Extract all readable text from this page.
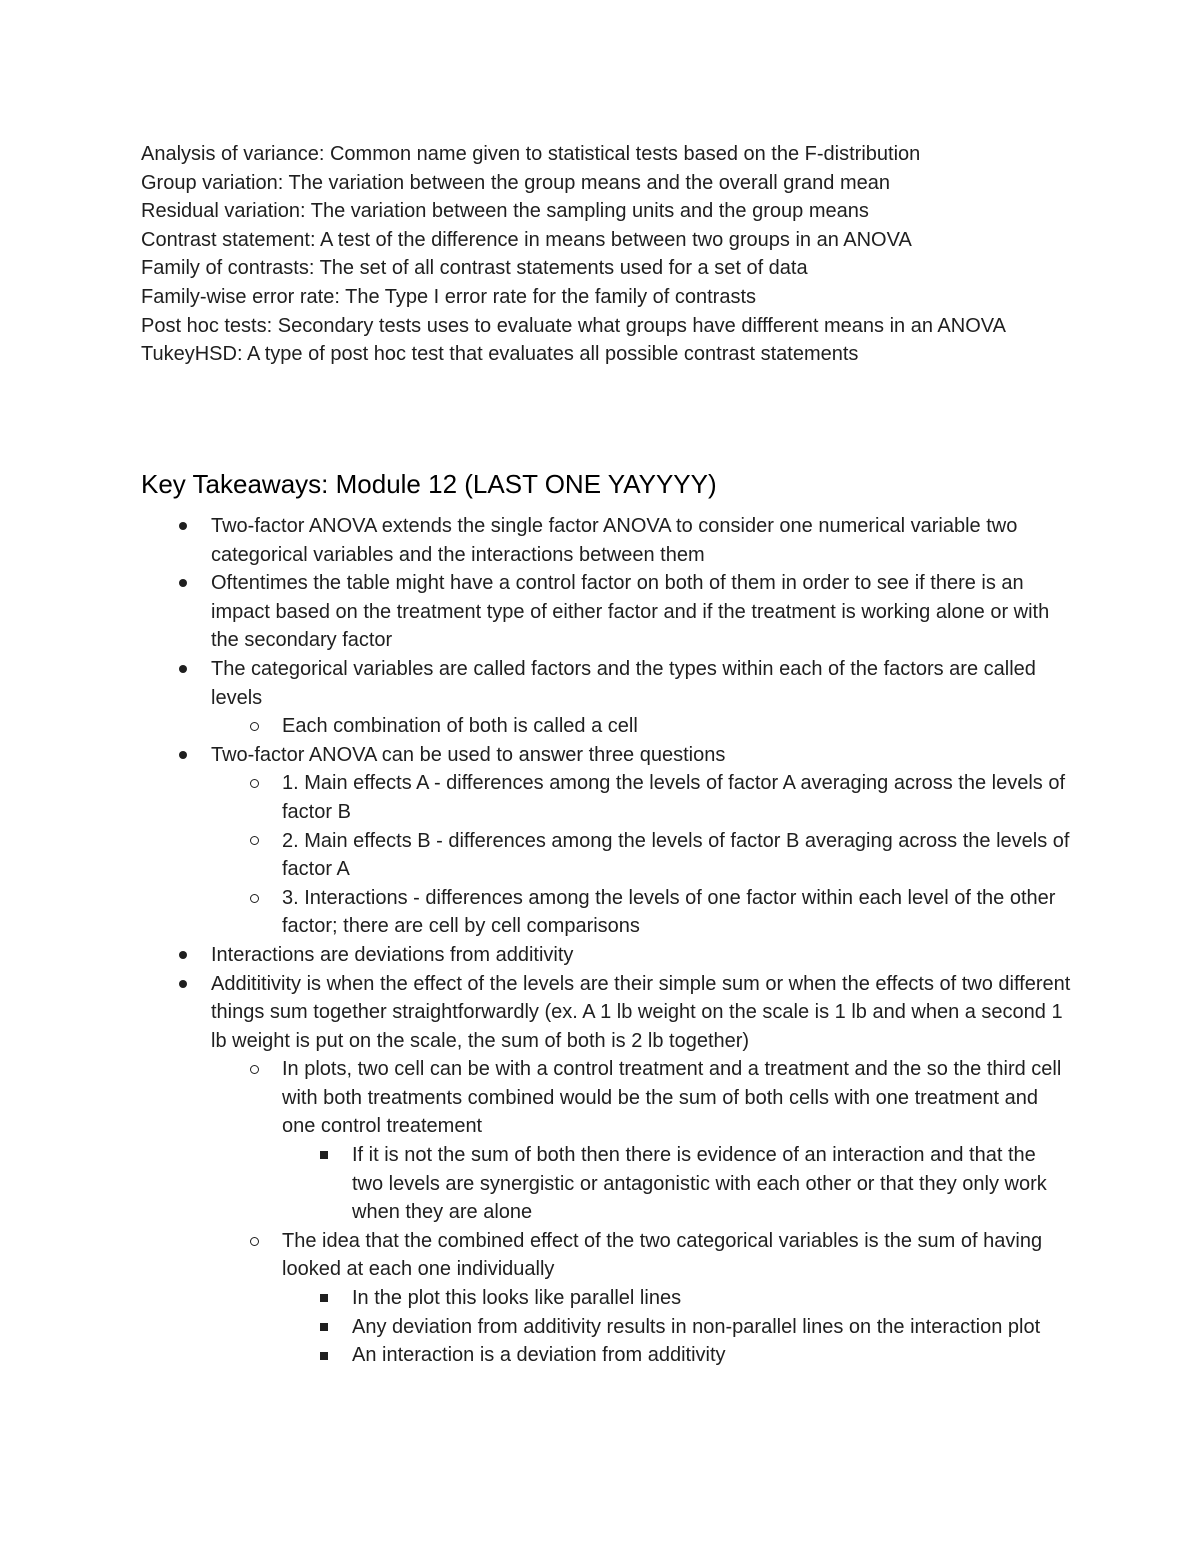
Analysis of variance: Common name given to statistical tests based on the F-distribution
Group variation: The variation between the group means and the overall grand mean
Residual variation: The variation between the sampling units and the group means
Contrast statement: A test of the difference in means between two groups in an ANOVA
Family of contrasts: The set of all contrast statements used for a set of data
Family-wise error rate: The Type I error rate for the family of contrasts
Post hoc tests: Secondary tests uses to evaluate what groups have diffferent means in an ANOVA
TukeyHSD: A type of post hoc test that evaluates all possible contrast statements
Key Takeaways: Module 12 (LAST ONE YAYYYY)
Two-factor ANOVA extends the single factor ANOVA to consider one numerical variable two categorical variables and the interactions between them
Oftentimes the table might have a control factor on both of them in order to see if there is an impact based on the treatment type of either factor and if the treatment is working alone or with the secondary factor
The categorical variables are called factors and the types within each of the factors are called levels
Each combination of both is called a cell
Two-factor ANOVA can be used to answer three questions
1. Main effects A - differences among the levels of factor A averaging across the levels of factor B
2. Main effects B - differences among the levels of factor B averaging across the levels of factor A
3. Interactions - differences among the levels of one factor within each level of the other factor; there are cell by cell comparisons
Interactions are deviations from additivity
Addititivity is when the effect of the levels are their simple sum or when the effects of two different things sum together straightforwardly (ex. A 1 lb weight on the scale is 1 lb and when a second 1 lb weight is put on the scale, the sum of both is 2 lb together)
In plots, two cell can be with a control treatment and a treatment and the so the third cell with both treatments combined would be the sum of both cells with one treatment and one control treatement
If it is not the sum of both then there is evidence of an interaction and that the two levels are synergistic or antagonistic with each other or that they only work when they are alone
The idea that the combined effect of the two categorical variables is the sum of having looked at each one individually
In the plot this looks like parallel lines
Any deviation from additivity results in non-parallel lines on the interaction plot
An interaction is a deviation from additivity
